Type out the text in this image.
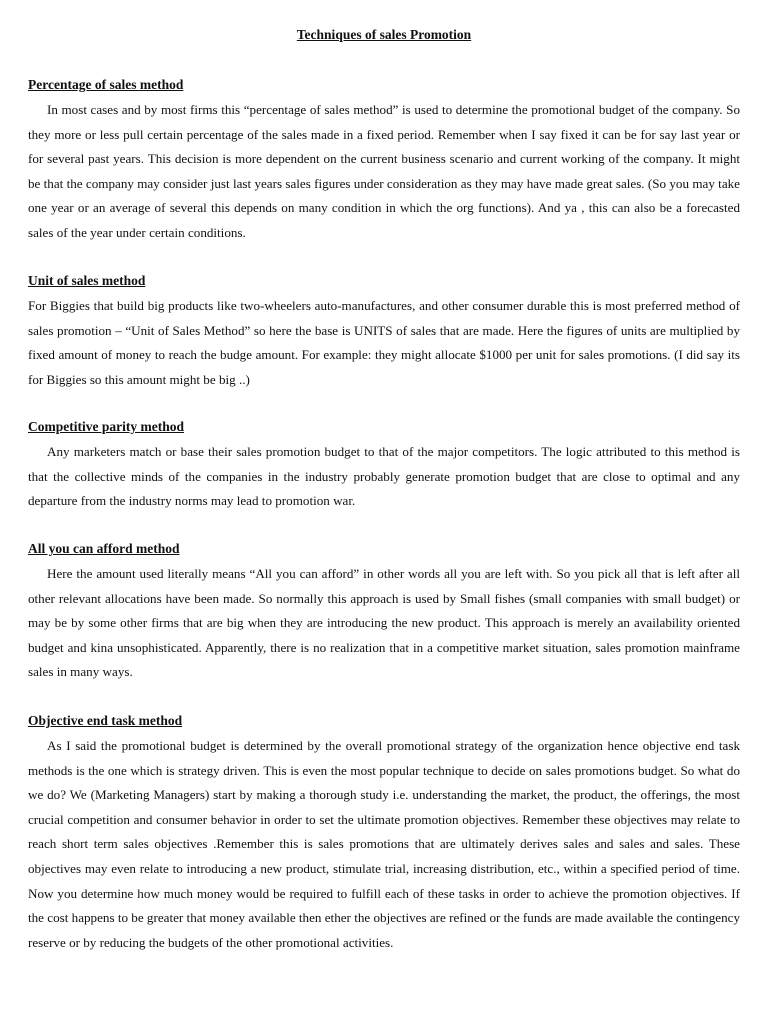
Techniques of sales Promotion
Percentage of sales method

In most cases and by most firms this “percentage of sales method” is used to determine the promotional budget of the company. So they more or less pull certain percentage of the sales made in a fixed period. Remember when I say fixed it can be for say last year or for several past years. This decision is more dependent on the current business scenario and current working of the company. It might be that the company may consider just last years sales figures under consideration as they may have made great sales. (So you may take one year or an average of several this depends on many condition in which the org functions). And ya , this can also be a forecasted sales of the year under certain conditions.

Unit of sales method

For Biggies that build big products like two-wheelers auto-manufactures, and other consumer durable this is most preferred method of sales promotion – “Unit of Sales Method” so here the base is UNITS of sales that are made. Here the figures of units are multiplied by fixed amount of money to reach the budge amount. For example: they might allocate $1000 per unit for sales promotions. (I did say its for Biggies so this amount might be big ..)

Competitive parity method

Any marketers match or base their sales promotion budget to that of the major competitors. The logic attributed to this method is that the collective minds of the companies in the industry probably generate promotion budget that are close to optimal and any departure from the industry norms may lead to promotion war.

All you can afford method

Here the amount used literally means “All you can afford” in other words all you are left with. So you pick all that is left after all other relevant allocations have been made. So normally this approach is used by Small fishes (small companies with small budget) or may be by some other firms that are big when they are introducing the new product. This approach is merely an availability oriented budget and kina unsophisticated. Apparently, there is no realization that in a competitive market situation, sales promotion mainframe sales in many ways.

Objective end task method

As I said the promotional budget is determined by the overall promotional strategy of the organization hence objective end task methods is the one which is strategy driven. This is even the most popular technique to decide on sales promotions budget. So what do we do? We (Marketing Managers) start by making a thorough study i.e. understanding the market, the product, the offerings, the most crucial competition and consumer behavior in order to set the ultimate promotion objectives. Remember these objectives may relate to reach short term sales objectives .Remember this is sales promotions that are ultimately derives sales and sales and sales. These objectives may even relate to introducing a new product, stimulate trial, increasing distribution, etc., within a specified period of time. Now you determine how much money would be required to fulfill each of these tasks in order to achieve the promotion objectives. If the cost happens to be greater that money available then ether the objectives are refined or the funds are made available the contingency reserve or by reducing the budgets of the other promotional activities.
